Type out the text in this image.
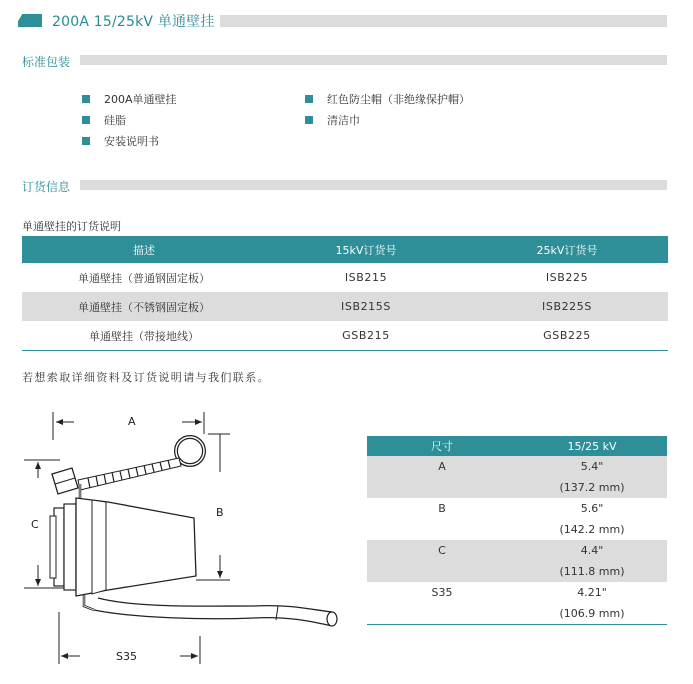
200A 15/25kV 单通壁挂
标准包装
200A单通壁挂
硅脂
安装说明书
红色防尘帽（非绝缘保护帽）
清洁巾
订货信息
单通壁挂的订货说明
描述	15kV订货号	25kV订货号
单通壁挂（普通钢固定板）	ISB215	ISB225
单通壁挂（不锈钢固定板）	ISB215S	ISB225S
单通壁挂（带接地线）	GSB215	GSB225
若想索取详细资料及订货说明请与我们联系。
A
B
C
S35
尺寸	15/25 kV
A	5.4"
	(137.2 mm)
B	5.6"
	(142.2 mm)
C	4.4"
	(111.8 mm)
S35	4.21"
	(106.9 mm)
